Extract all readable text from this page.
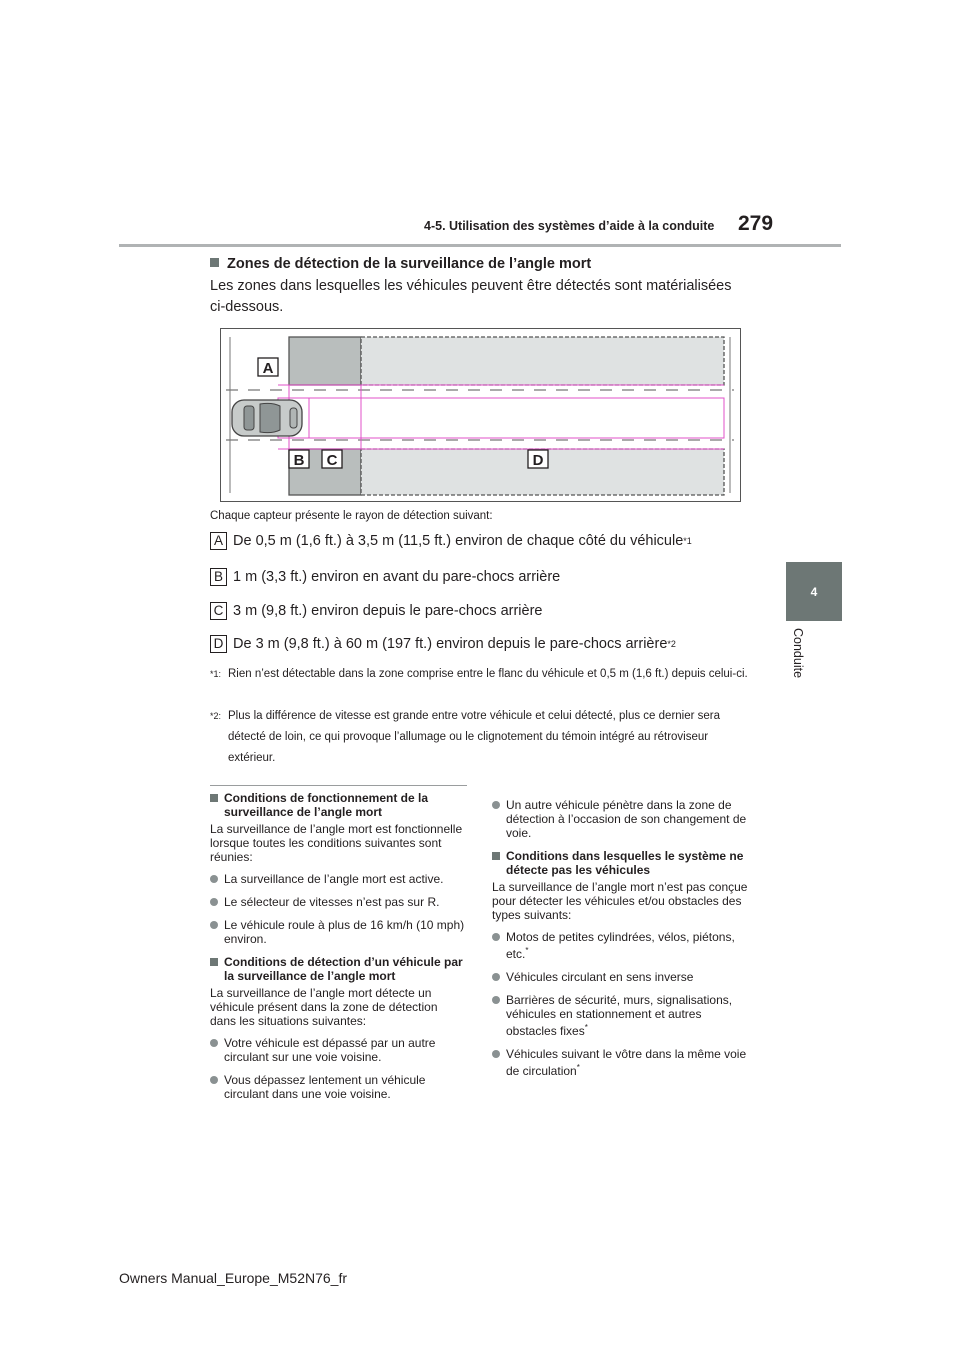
4-5. Utilisation des systèmes d’aide à la conduite 279
4
Conduite
Zones de détection de la surveillance de l’angle mort
Les zones dans lesquelles les véhicules peuvent être détectés sont matérialisées ci-dessous.
A
B C	D
Chaque capteur présente le rayon de détection suivant:
A De 0,5 m (1,6 ft.) à 3,5 m (11,5 ft.) environ de chaque côté du véhicule *1
B 1 m (3,3 ft.) environ en avant du pare-chocs arrière
C 3 m (9,8 ft.) environ depuis le pare-chocs arrière
D De 3 m (9,8 ft.) à 60 m (197 ft.) environ depuis le pare-chocs arrière *2
*1: Rien n’est détectable dans la zone comprise entre le flanc du véhicule et 0,5 m (1,6 ft.) depuis celui-ci.
*2: Plus la différence de vitesse est grande entre votre véhicule et celui détecté, plus ce dernier sera détecté de loin, ce qui provoque l’allumage ou le clignotement du témoin intégré au rétroviseur extérieur.

Conditions de fonctionnement de la surveillance de l’angle mort

La surveillance de l’angle mort est fonctionnelle lorsque toutes les conditions suivantes sont réunies:

La surveillance de l’angle mort est active.

Le sélecteur de vitesses n’est pas sur R.

Le véhicule roule à plus de 16 km/h (10 mph) environ.

Conditions de détection d’un véhicule par la surveillance de l’angle mort

La surveillance de l’angle mort détecte un véhicule présent dans la zone de détection dans les situations suivantes:

Votre véhicule est dépassé par un autre circulant sur une voie voisine.

Vous dépassez lentement un véhicule circulant dans une voie voisine.

Un autre véhicule pénètre dans la zone de détection à l’occasion de son changement de voie.

Conditions dans lesquelles le système ne détecte pas les véhicules

La surveillance de l’angle mort n’est pas conçue pour détecter les véhicules et/ou obstacles des types suivants:

Motos de petites cylindrées, vélos, piétons, etc.*

Véhicules circulant en sens inverse

Barrières de sécurité, murs, signalisations, véhicules en stationnement et autres obstacles fixes*

Véhicules suivant le vôtre dans la même voie de circulation*

Owners Manual_Europe_M52N76_fr
